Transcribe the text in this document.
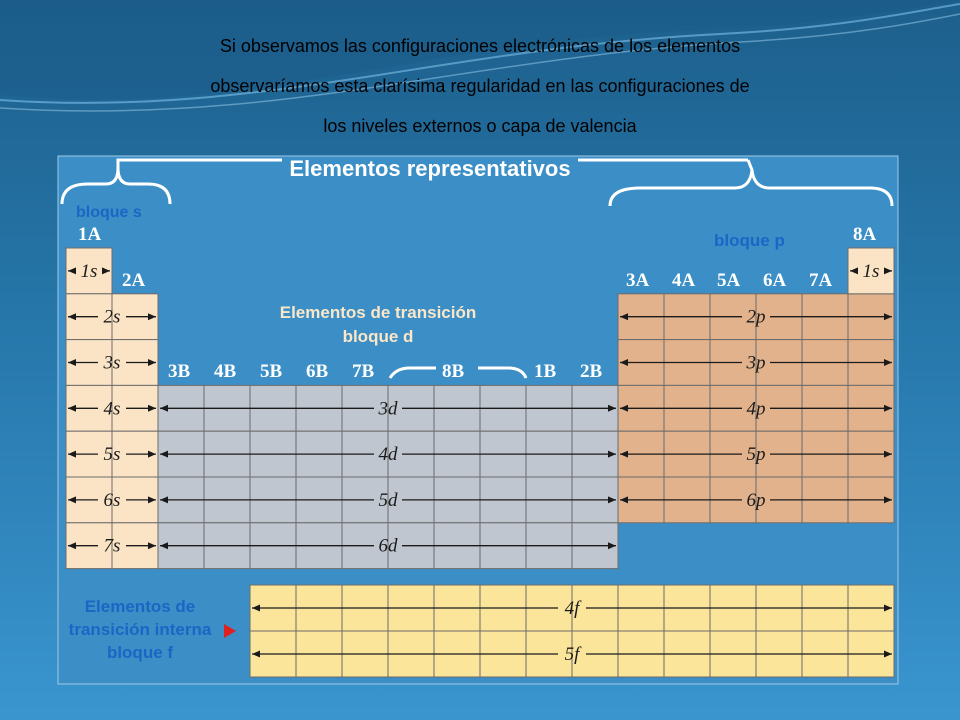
Si observamos las configuraciones electrónicas de los elementos
observaríamos esta clarísima regularidad en las configuraciones de
los niveles externos o capa de valencia
Elementos representativos
bloque s
bloque p
1s
2s
3s
4s
5s
6s
7s
1s
3d
4d
5d
6d
2p
3p
4p
5p
6p
4f
5f
Elementos de transición
bloque d
1A
2A
3B 4B 5B 6B 7B	8B	1B 2B
3A 4A 5A 6A 7A
8A
Elementos de
transición interna
bloque f
